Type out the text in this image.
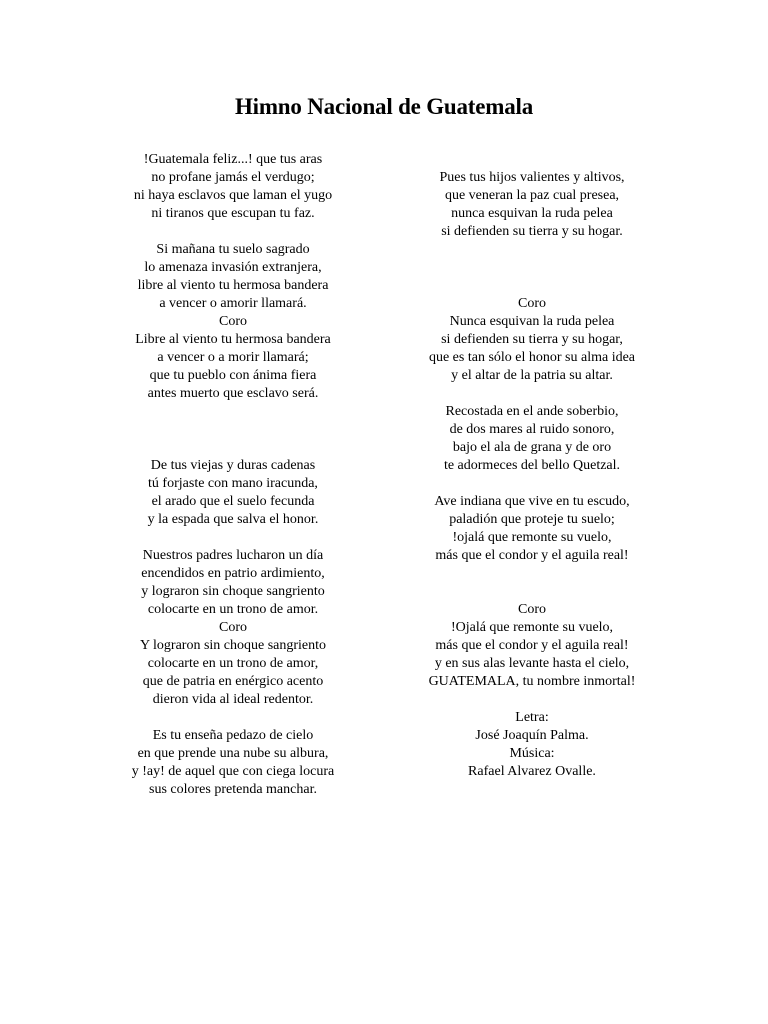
Himno Nacional de Guatemala
!Guatemala feliz...! que tus aras
no profane jamás el verdugo;
ni haya esclavos que laman el yugo
ni tiranos que escupan tu faz.
Si mañana tu suelo sagrado
lo amenaza invasión extranjera,
libre al viento tu hermosa bandera
a vencer o amorir llamará.
Coro
Libre al viento tu hermosa bandera
a vencer o a morir llamará;
que tu pueblo con ánima fiera
antes muerto que esclavo será.
De tus viejas y duras cadenas
tú forjaste con mano iracunda,
el arado que el suelo fecunda
y la espada que salva el honor.
Nuestros padres lucharon un día
encendidos en patrio ardimiento,
y lograron sin choque sangriento
colocarte en un trono de amor.
Coro
Y lograron sin choque sangriento
colocarte en un trono de amor,
que de patria en enérgico acento
dieron vida al ideal redentor.
Es tu enseña pedazo de cielo
en que prende una nube su albura,
y !ay! de aquel que con ciega locura
sus colores pretenda manchar.
Pues tus hijos valientes y altivos,
que veneran la paz cual presea,
nunca esquivan la ruda pelea
si defienden su tierra y su hogar.
Coro
Nunca esquivan la ruda pelea
si defienden su tierra y su hogar,
que es tan sólo el honor su alma idea
y el altar de la patria su altar.
Recostada en el ande soberbio,
de dos mares al ruido sonoro,
bajo el ala de grana y de oro
te adormeces del bello Quetzal.
Ave indiana que vive en tu escudo,
paladión que proteje tu suelo;
!ojalá que remonte su vuelo,
más que el condor y el aguila real!
Coro
!Ojalá que remonte su vuelo,
más que el condor y el aguila real!
y en sus alas levante hasta el cielo,
GUATEMALA, tu nombre inmortal!
Letra:
José Joaquín Palma.
Música:
Rafael Alvarez Ovalle.
